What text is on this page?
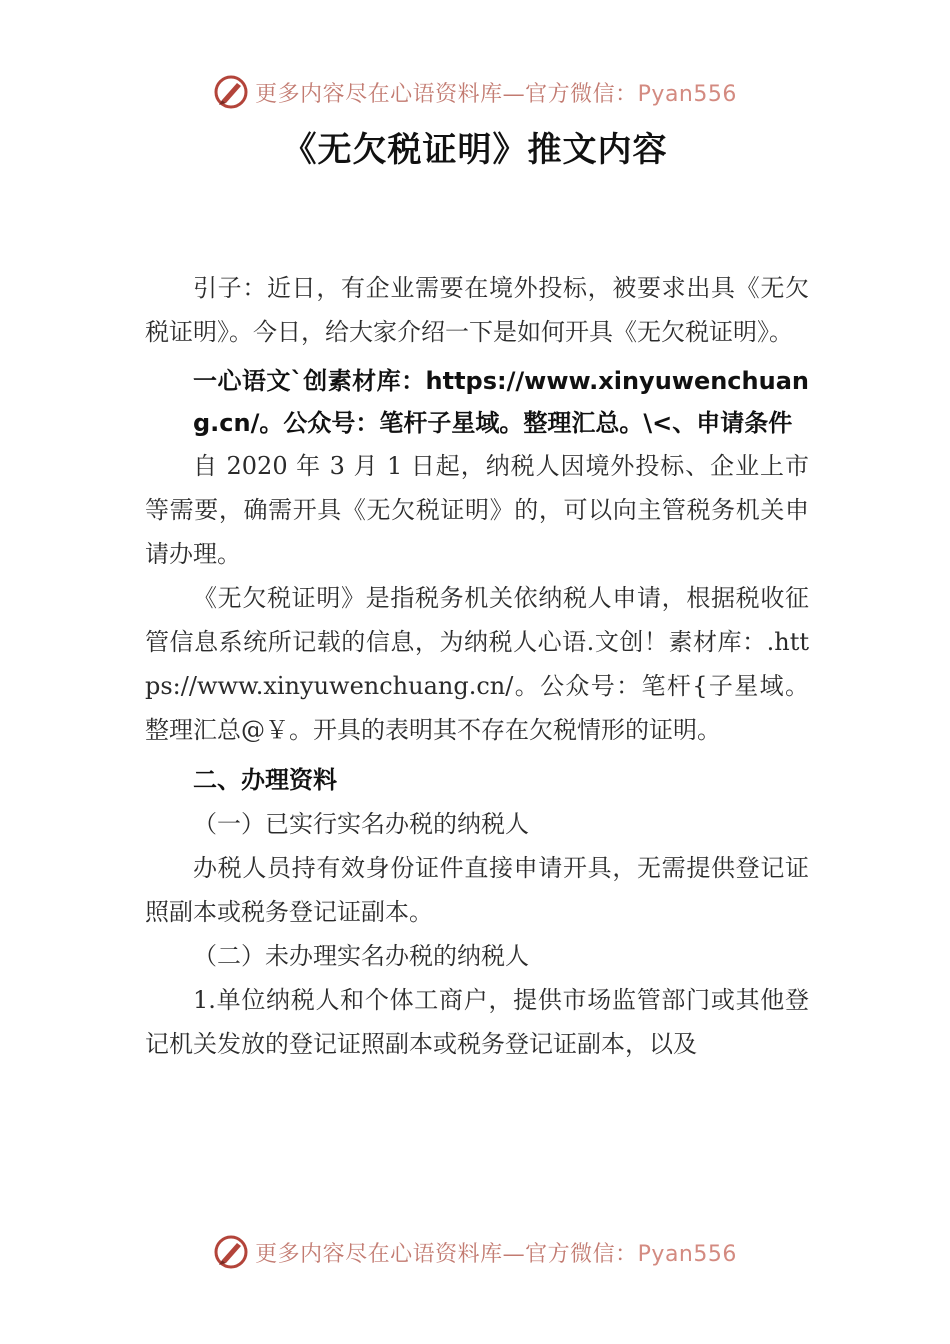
更多内容尽在心语资料库—官方微信：Pyan556
《无欠税证明》推文内容

引子：近日，有企业需要在境外投标，被要求出具《无欠税证明》。今日，给大家介绍一下是如何开具《无欠税证明》。

一心语文`创素材库：https://www.xinyuwenchuang.cn/。公众号：笔杆子星域。整理汇总。\<、申请条件

自 2020 年 3 月 1 日起，纳税人因境外投标、企业上市等需要，确需开具《无欠税证明》的，可以向主管税务机关申请办理。

《无欠税证明》是指税务机关依纳税人申请，根据税收征管信息系统所记载的信息，为纳税人心语.文创！素材库：.https://www.xinyuwenchuang.cn/。公众号：笔杆{子星域。整理汇总@￥。开具的表明其不存在欠税情形的证明。

二、办理资料

（一）已实行实名办税的纳税人

办税人员持有效身份证件直接申请开具，无需提供登记证照副本或税务登记证副本。

（二）未办理实名办税的纳税人

1.单位纳税人和个体工商户，提供市场监管部门或其他登记机关发放的登记证照副本或税务登记证副本，以及

更多内容尽在心语资料库—官方微信：Pyan556
